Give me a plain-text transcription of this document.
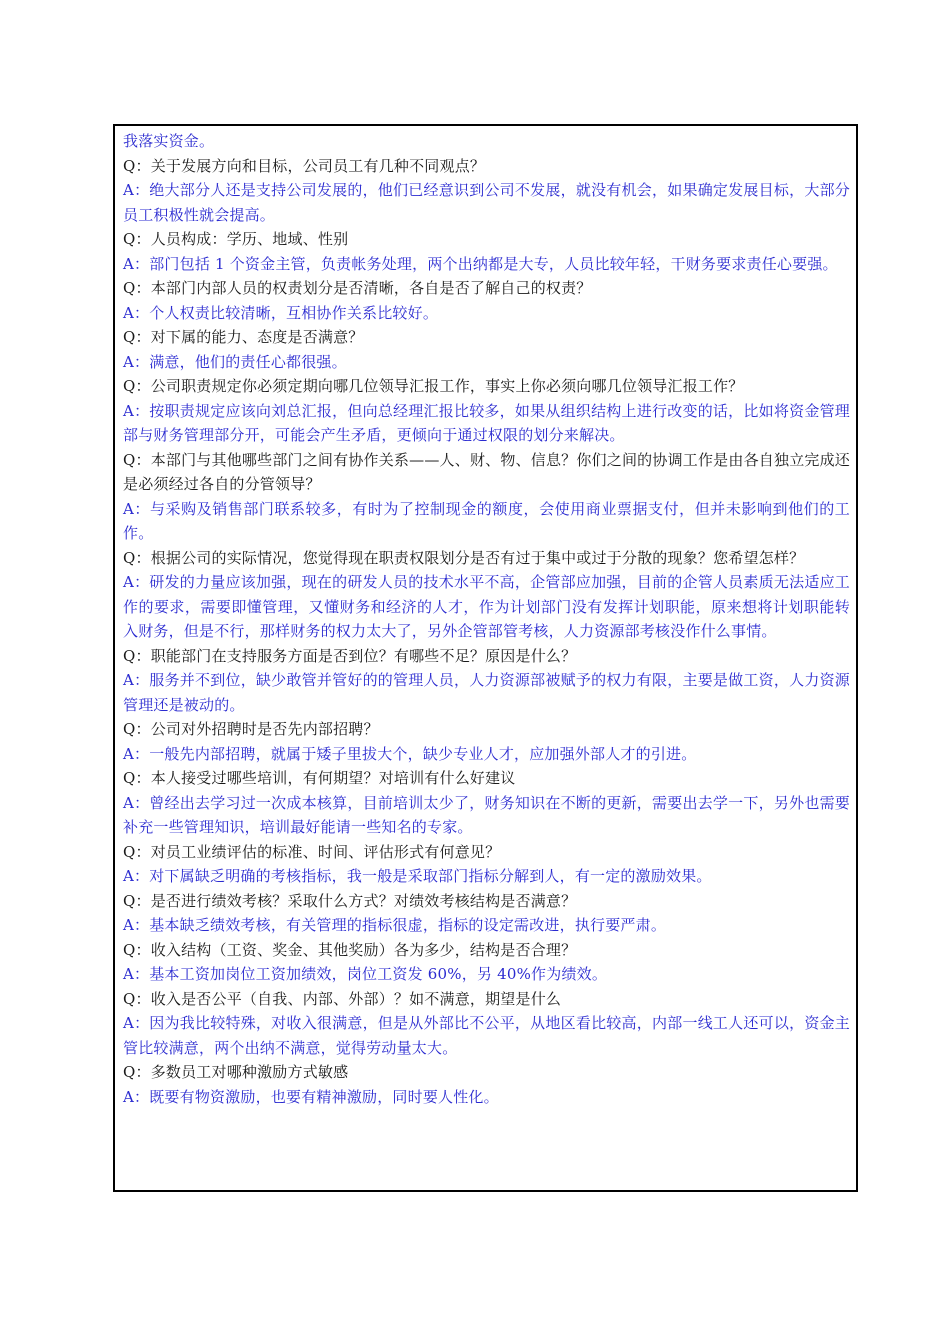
我落实资金。

Q：关于发展方向和目标，公司员工有几种不同观点？

A：绝大部分人还是支持公司发展的，他们已经意识到公司不发展，就没有机会，如果确定发展目标，大部分员工积极性就会提高。

Q：人员构成：学历、地域、性别

A：部门包括 1 个资金主管，负责帐务处理，两个出纳都是大专，人员比较年轻，干财务要求责任心要强。

Q：本部门内部人员的权责划分是否清晰，各自是否了解自己的权责？

A：个人权责比较清晰，互相协作关系比较好。

Q：对下属的能力、态度是否满意？

A：满意，他们的责任心都很强。

Q：公司职责规定你必须定期向哪几位领导汇报工作，事实上你必须向哪几位领导汇报工作？

A：按职责规定应该向刘总汇报，但向总经理汇报比较多，如果从组织结构上进行改变的话，比如将资金管理部与财务管理部分开，可能会产生矛盾，更倾向于通过权限的划分来解决。

Q：本部门与其他哪些部门之间有协作关系——人、财、物、信息？你们之间的协调工作是由各自独立完成还是必须经过各自的分管领导？

A：与采购及销售部门联系较多，有时为了控制现金的额度，会使用商业票据支付，但并未影响到他们的工作。

Q：根据公司的实际情况，您觉得现在职责权限划分是否有过于集中或过于分散的现象？您希望怎样？

A：研发的力量应该加强，现在的研发人员的技术水平不高，企管部应加强，目前的企管人员素质无法适应工作的要求，需要即懂管理，又懂财务和经济的人才，作为计划部门没有发挥计划职能，原来想将计划职能转入财务，但是不行，那样财务的权力太大了，另外企管部管考核，人力资源部考核没作什么事情。

Q：职能部门在支持服务方面是否到位？有哪些不足？原因是什么？

A：服务并不到位，缺少敢管并管好的的管理人员，人力资源部被赋予的权力有限，主要是做工资，人力资源管理还是被动的。

Q：公司对外招聘时是否先内部招聘？

A：一般先内部招聘，就属于矮子里拔大个，缺少专业人才，应加强外部人才的引进。

Q：本人接受过哪些培训，有何期望？对培训有什么好建议

A：曾经出去学习过一次成本核算，目前培训太少了，财务知识在不断的更新，需要出去学一下，另外也需要补充一些管理知识，培训最好能请一些知名的专家。

Q：对员工业绩评估的标准、时间、评估形式有何意见？

A：对下属缺乏明确的考核指标，我一般是采取部门指标分解到人，有一定的激励效果。

Q：是否进行绩效考核？采取什么方式？对绩效考核结构是否满意？

A：基本缺乏绩效考核，有关管理的指标很虚，指标的设定需改进，执行要严肃。

Q：收入结构（工资、奖金、其他奖励）各为多少，结构是否合理？

A：基本工资加岗位工资加绩效，岗位工资发 60%，另 40%作为绩效。

Q：收入是否公平（自我、内部、外部）？如不满意，期望是什么

A：因为我比较特殊，对收入很满意，但是从外部比不公平，从地区看比较高，内部一线工人还可以，资金主管比较满意，两个出纳不满意，觉得劳动量太大。

Q：多数员工对哪种激励方式敏感

A：既要有物资激励，也要有精神激励，同时要人性化。
